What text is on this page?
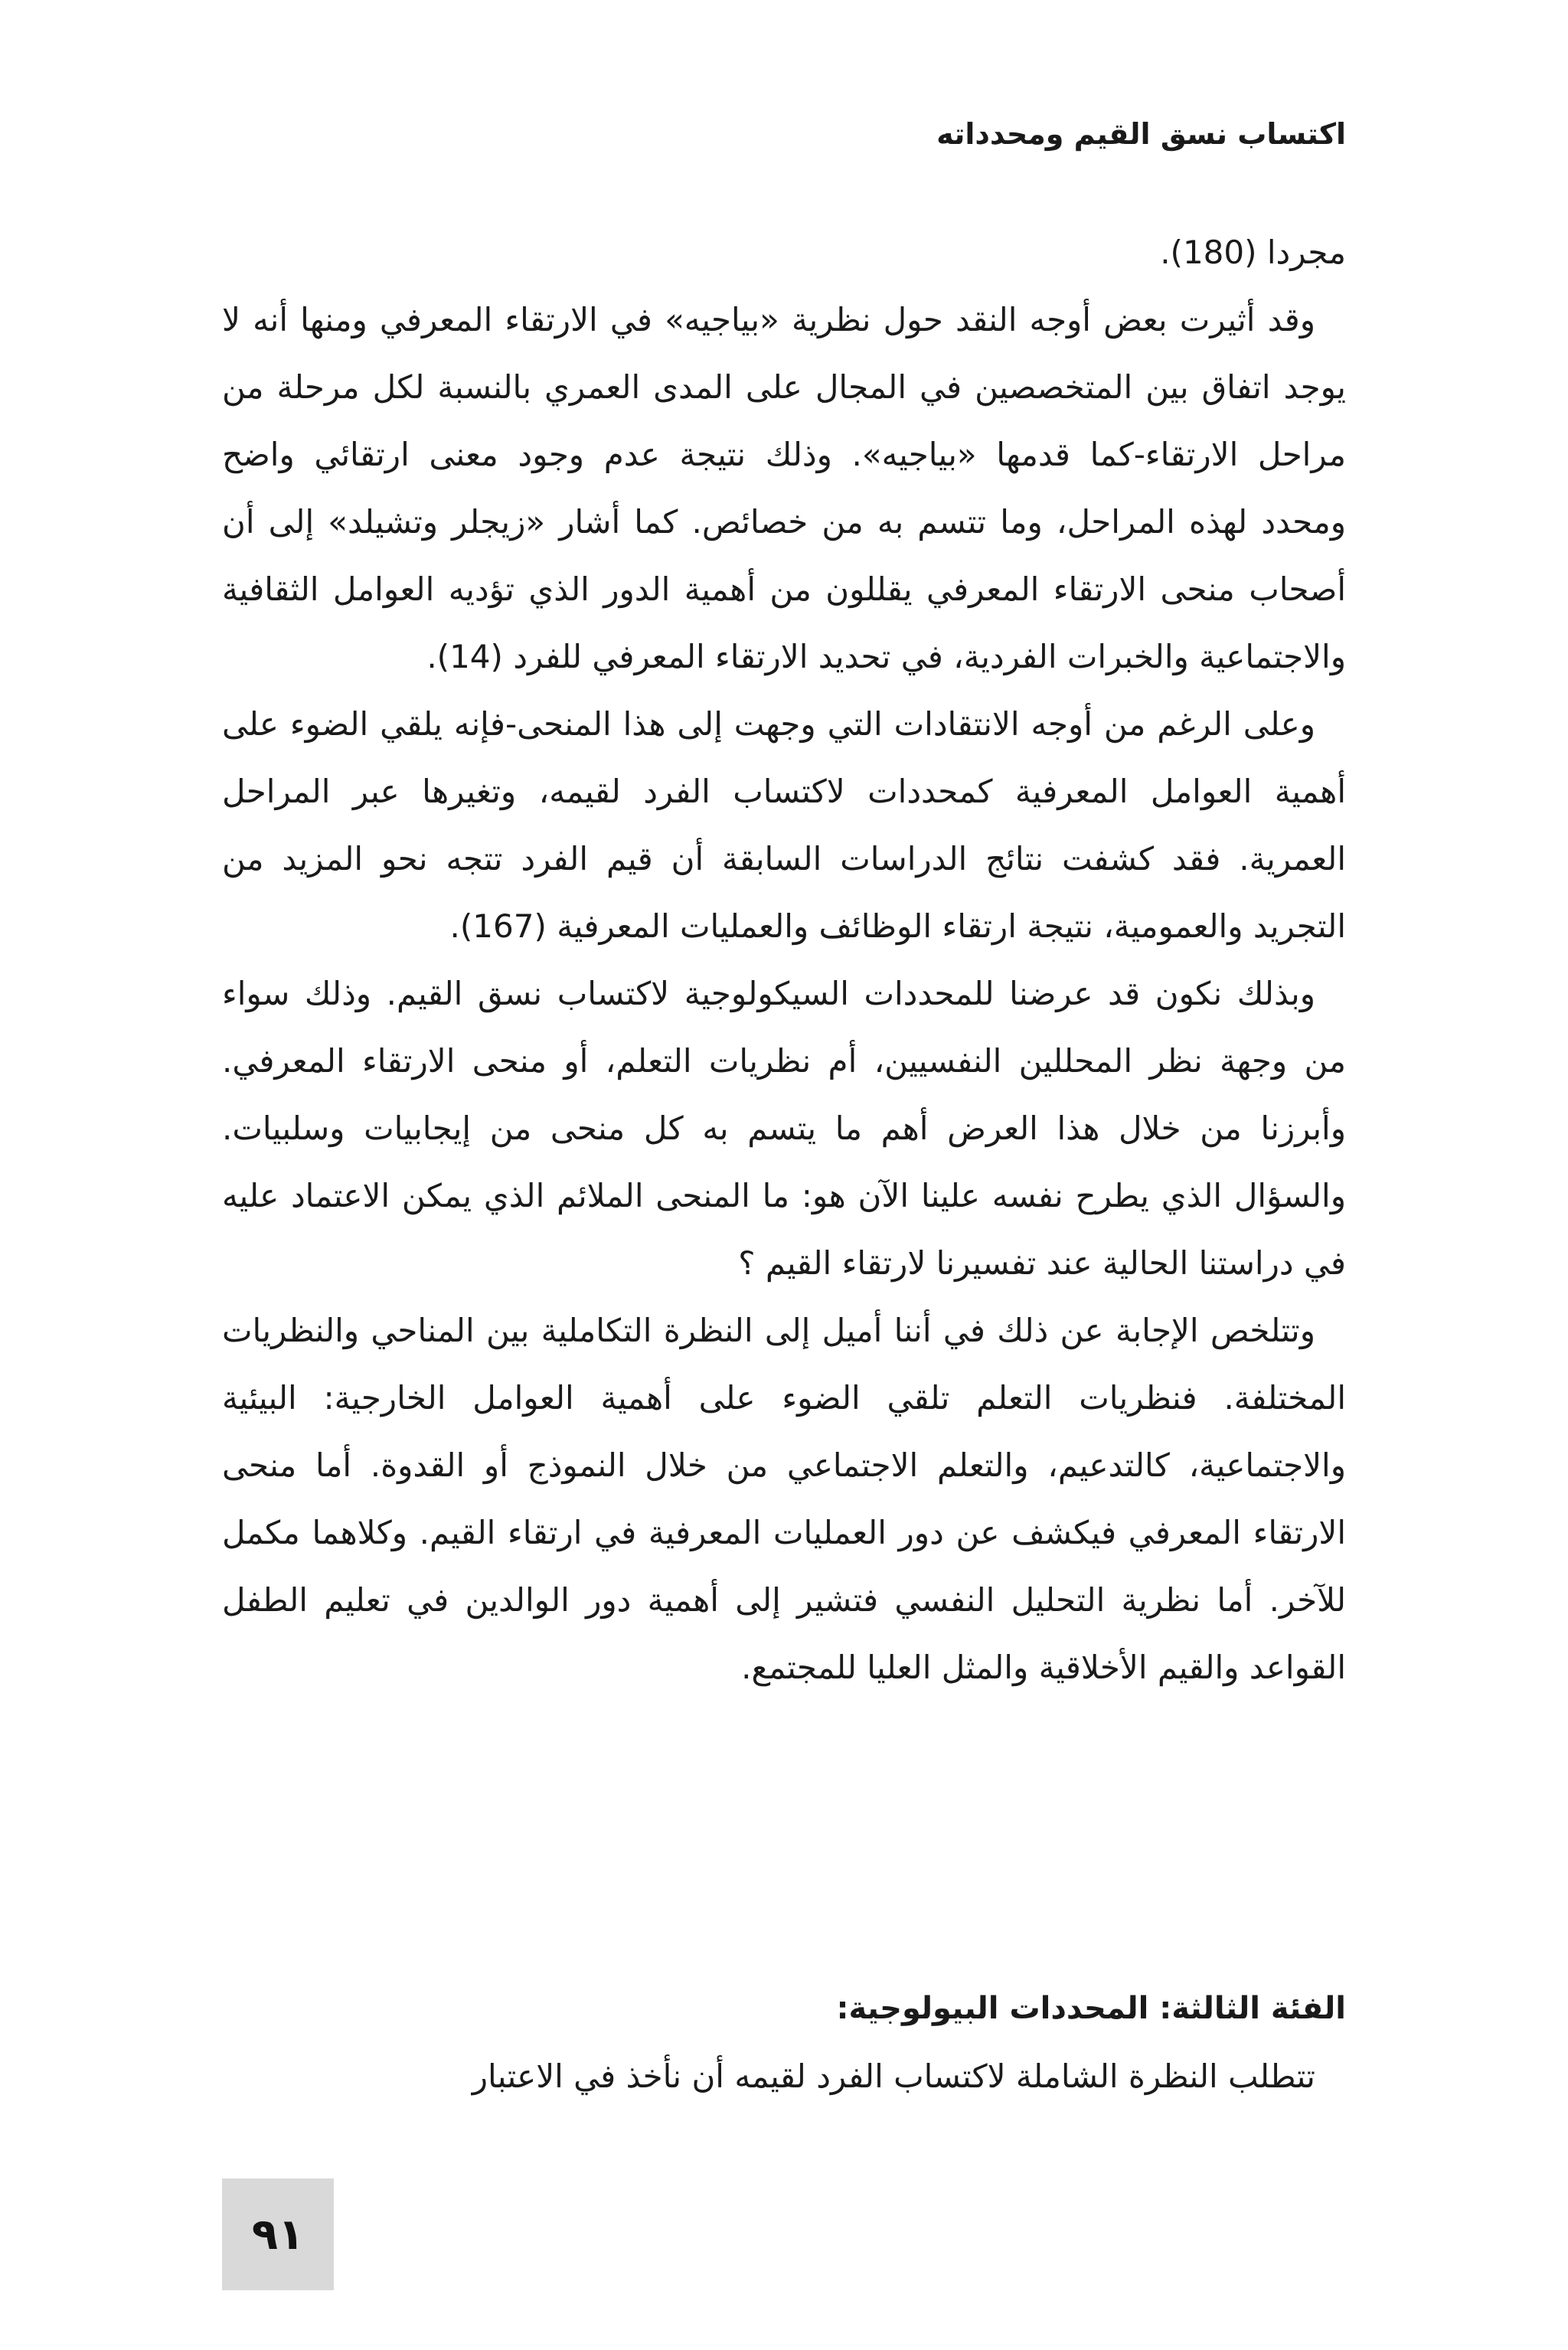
اكتساب نسق القيم ومحدداته

مجردا (180).

وقد أثيرت بعض أوجه النقد حول نظرية «بياجيه» في الارتقاء المعرفي ومنها أنه لا يوجد اتفاق بين المتخصصين في المجال على المدى العمري بالنسبة لكل مرحلة من مراحل الارتقاء-كما قدمها «بياجيه». وذلك نتيجة عدم وجود معنى ارتقائي واضح ومحدد لهذه المراحل، وما تتسم به من خصائص. كما أشار «زيجلر وتشيلد» إلى أن أصحاب منحى الارتقاء المعرفي يقللون من أهمية الدور الذي تؤديه العوامل الثقافية والاجتماعية والخبرات الفردية، في تحديد الارتقاء المعرفي للفرد (14).

وعلى الرغم من أوجه الانتقادات التي وجهت إلى هذا المنحى-فإنه يلقي الضوء على أهمية العوامل المعرفية كمحددات لاكتساب الفرد لقيمه، وتغيرها عبر المراحل العمرية. فقد كشفت نتائج الدراسات السابقة أن قيم الفرد تتجه نحو المزيد من التجريد والعمومية، نتيجة ارتقاء الوظائف والعمليات المعرفية (167).

وبذلك نكون قد عرضنا للمحددات السيكولوجية لاكتساب نسق القيم. وذلك سواء من وجهة نظر المحللين النفسيين، أم نظريات التعلم، أو منحى الارتقاء المعرفي. وأبرزنا من خلال هذا العرض أهم ما يتسم به كل منحى من إيجابيات وسلبيات. والسؤال الذي يطرح نفسه علينا الآن هو: ما المنحى الملائم الذي يمكن الاعتماد عليه في دراستنا الحالية عند تفسيرنا لارتقاء القيم ؟

وتتلخص الإجابة عن ذلك في أننا أميل إلى النظرة التكاملية بين المناحي والنظريات المختلفة. فنظريات التعلم تلقي الضوء على أهمية العوامل الخارجية: البيئية والاجتماعية، كالتدعيم، والتعلم الاجتماعي من خلال النموذج أو القدوة. أما منحى الارتقاء المعرفي فيكشف عن دور العمليات المعرفية في ارتقاء القيم. وكلاهما مكمل للآخر. أما نظرية التحليل النفسي فتشير إلى أهمية دور الوالدين في تعليم الطفل القواعد والقيم الأخلاقية والمثل العليا للمجتمع.

الفئة الثالثة: المحددات البيولوجية:
تتطلب النظرة الشاملة لاكتساب الفرد لقيمه أن نأخذ في الاعتبار
٩١
